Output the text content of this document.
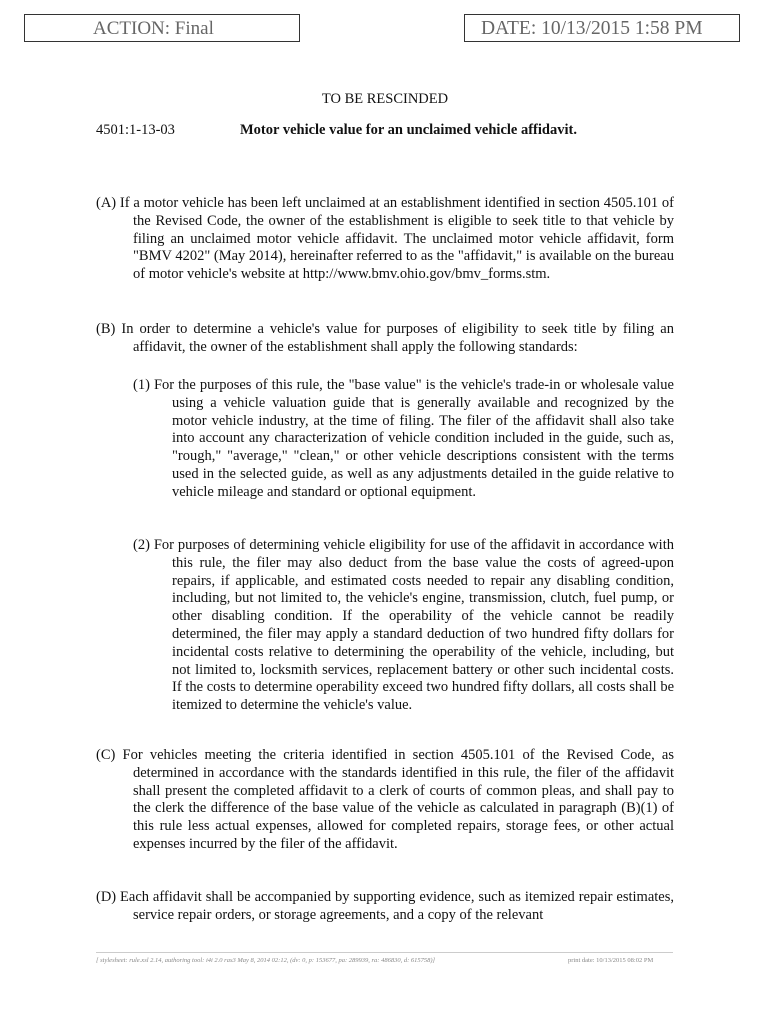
ACTION: Final	DATE: 10/13/2015 1:58 PM
TO BE RESCINDED
4501:1-13-03	Motor vehicle value for an unclaimed vehicle affidavit.

(A) If a motor vehicle has been left unclaimed at an establishment identified in section 4505.101 of the Revised Code, the owner of the establishment is eligible to seek title to that vehicle by filing an unclaimed motor vehicle affidavit. The unclaimed motor vehicle affidavit, form "BMV 4202" (May 2014), hereinafter referred to as the "affidavit," is available on the bureau of motor vehicle's website at http://www.bmv.ohio.gov/bmv_forms.stm.

(B) In order to determine a vehicle's value for purposes of eligibility to seek title by filing an affidavit, the owner of the establishment shall apply the following standards:

(1) For the purposes of this rule, the "base value" is the vehicle's trade-in or wholesale value using a vehicle valuation guide that is generally available and recognized by the motor vehicle industry, at the time of filing. The filer of the affidavit shall also take into account any characterization of vehicle condition included in the guide, such as, "rough," "average," "clean," or other vehicle descriptions consistent with the terms used in the selected guide, as well as any adjustments detailed in the guide relative to vehicle mileage and standard or optional equipment.

(2) For purposes of determining vehicle eligibility for use of the affidavit in accordance with this rule, the filer may also deduct from the base value the costs of agreed-upon repairs, if applicable, and estimated costs needed to repair any disabling condition, including, but not limited to, the vehicle's engine, transmission, clutch, fuel pump, or other disabling condition. If the operability of the vehicle cannot be readily determined, the filer may apply a standard deduction of two hundred fifty dollars for incidental costs relative to determining the operability of the vehicle, including, but not limited to, locksmith services, replacement battery or other such incidental costs. If the costs to determine operability exceed two hundred fifty dollars, all costs shall be itemized to determine the vehicle's value.

(C) For vehicles meeting the criteria identified in section 4505.101 of the Revised Code, as determined in accordance with the standards identified in this rule, the filer of the affidavit shall present the completed affidavit to a clerk of courts of common pleas, and shall pay to the clerk the difference of the base value of the vehicle as calculated in paragraph (B)(1) of this rule less actual expenses, allowed for completed repairs, storage fees, or other actual expenses incurred by the filer of the affidavit.

(D) Each affidavit shall be accompanied by supporting evidence, such as itemized repair estimates, service repair orders, or storage agreements, and a copy of the relevant

[ stylesheet: rule.xsl 2.14, authoring tool: i4i 2.0 ras3 May 8, 2014 02:12, (dv: 0, p: 153677, pa: 289939, ra: 486830, d: 615758)]	print date: 10/13/2015 08:02 PM
